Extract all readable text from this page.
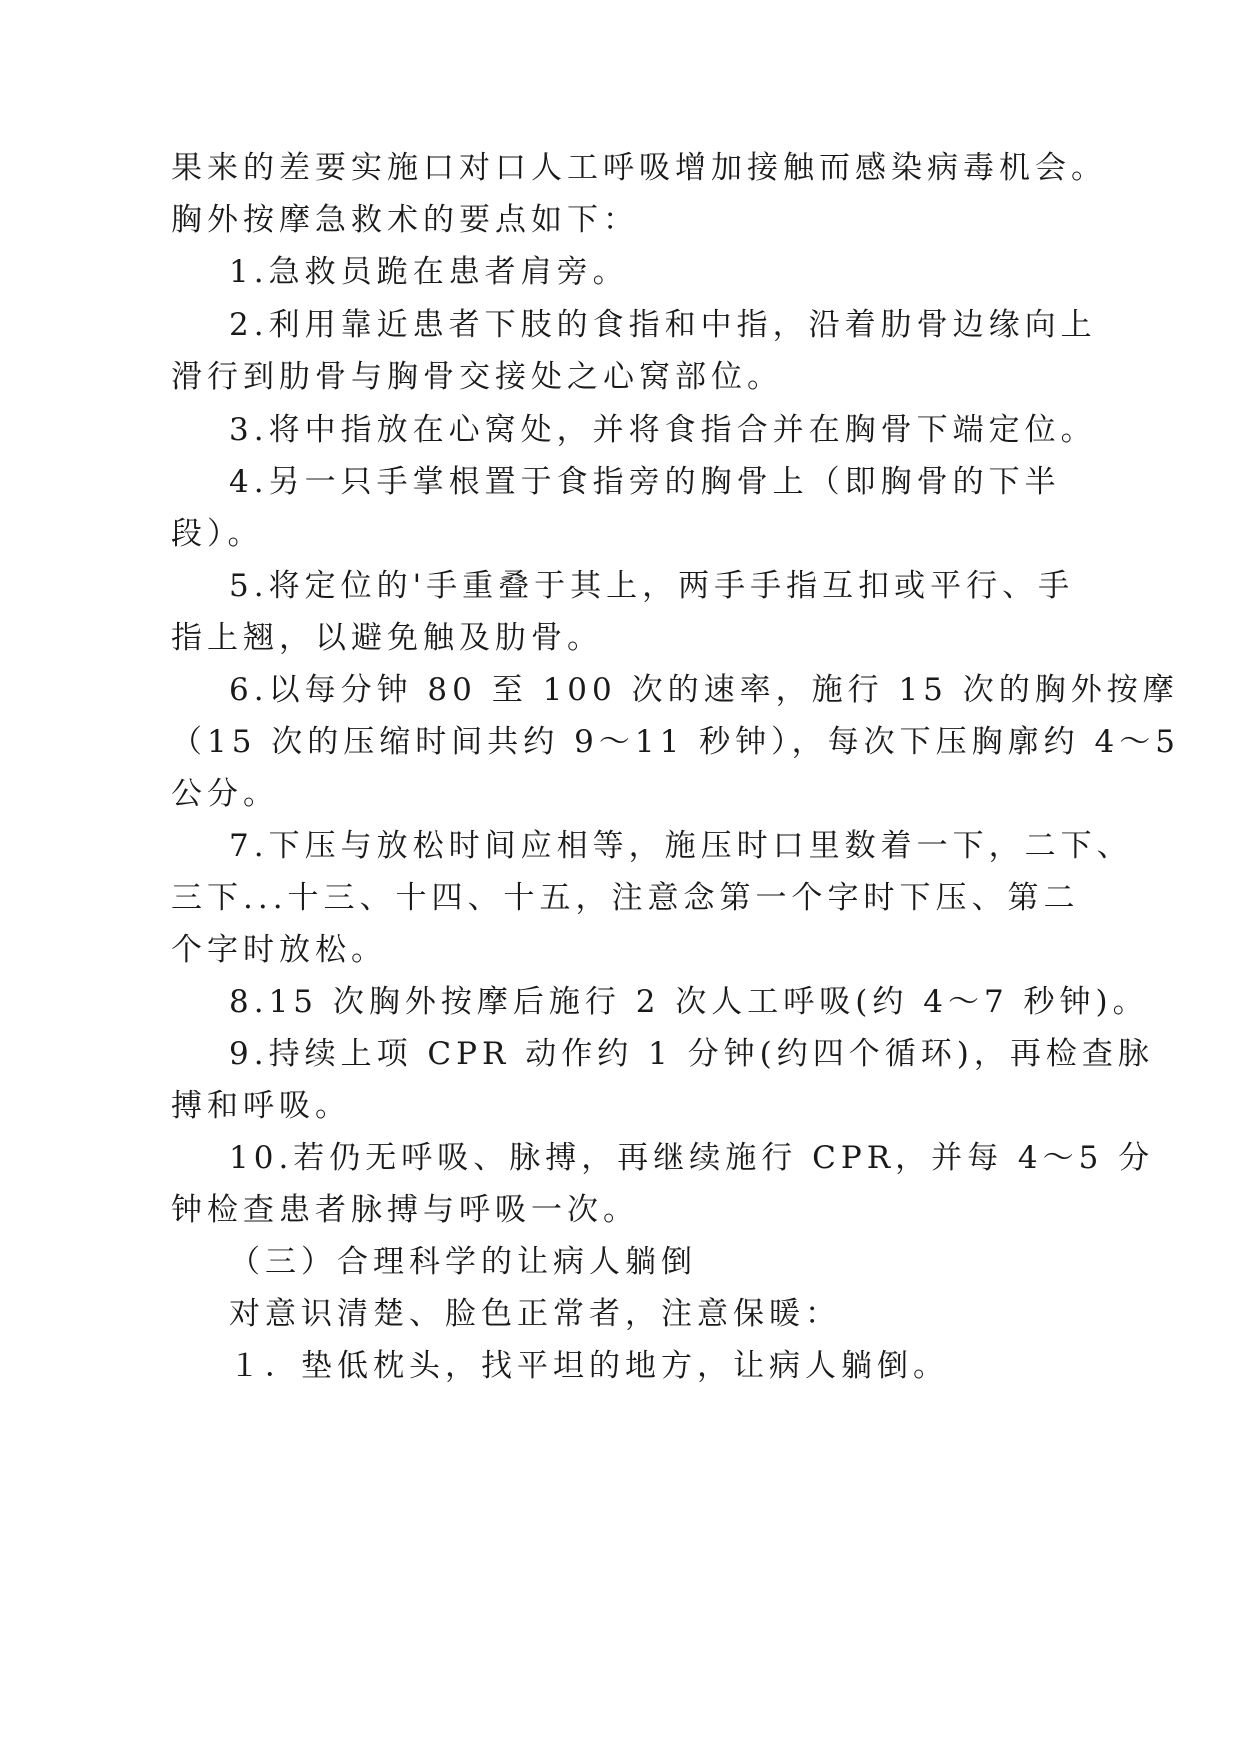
果来的差要实施口对口人工呼吸增加接触而感染病毒机会。
胸外按摩急救术的要点如下：
1.急救员跪在患者肩旁。
2.利用靠近患者下肢的食指和中指，沿着肋骨边缘向上
滑行到肋骨与胸骨交接处之心窝部位。
3.将中指放在心窝处，并将食指合并在胸骨下端定位。
4.另一只手掌根置于食指旁的胸骨上（即胸骨的下半
段）。
5.将定位的'手重叠于其上，两手手指互扣或平行、手
指上翘，以避免触及肋骨。
6.以每分钟 80 至 100 次的速率，施行 15 次的胸外按摩
（15 次的压缩时间共约 9～11 秒钟），每次下压胸廓约 4～5
公分。
7.下压与放松时间应相等，施压时口里数着一下，二下、
三下...十三、十四、十五，注意念第一个字时下压、第二
个字时放松。
8.15 次胸外按摩后施行 2 次人工呼吸(约 4～7 秒钟)。
9.持续上项 CPR 动作约 1 分钟(约四个循环)，再检查脉
搏和呼吸。
10.若仍无呼吸、脉搏，再继续施行 CPR，并每 4～5 分
钟检查患者脉搏与呼吸一次。
（三）合理科学的让病人躺倒
对意识清楚、脸色正常者，注意保暖：
１．垫低枕头，找平坦的地方，让病人躺倒。
